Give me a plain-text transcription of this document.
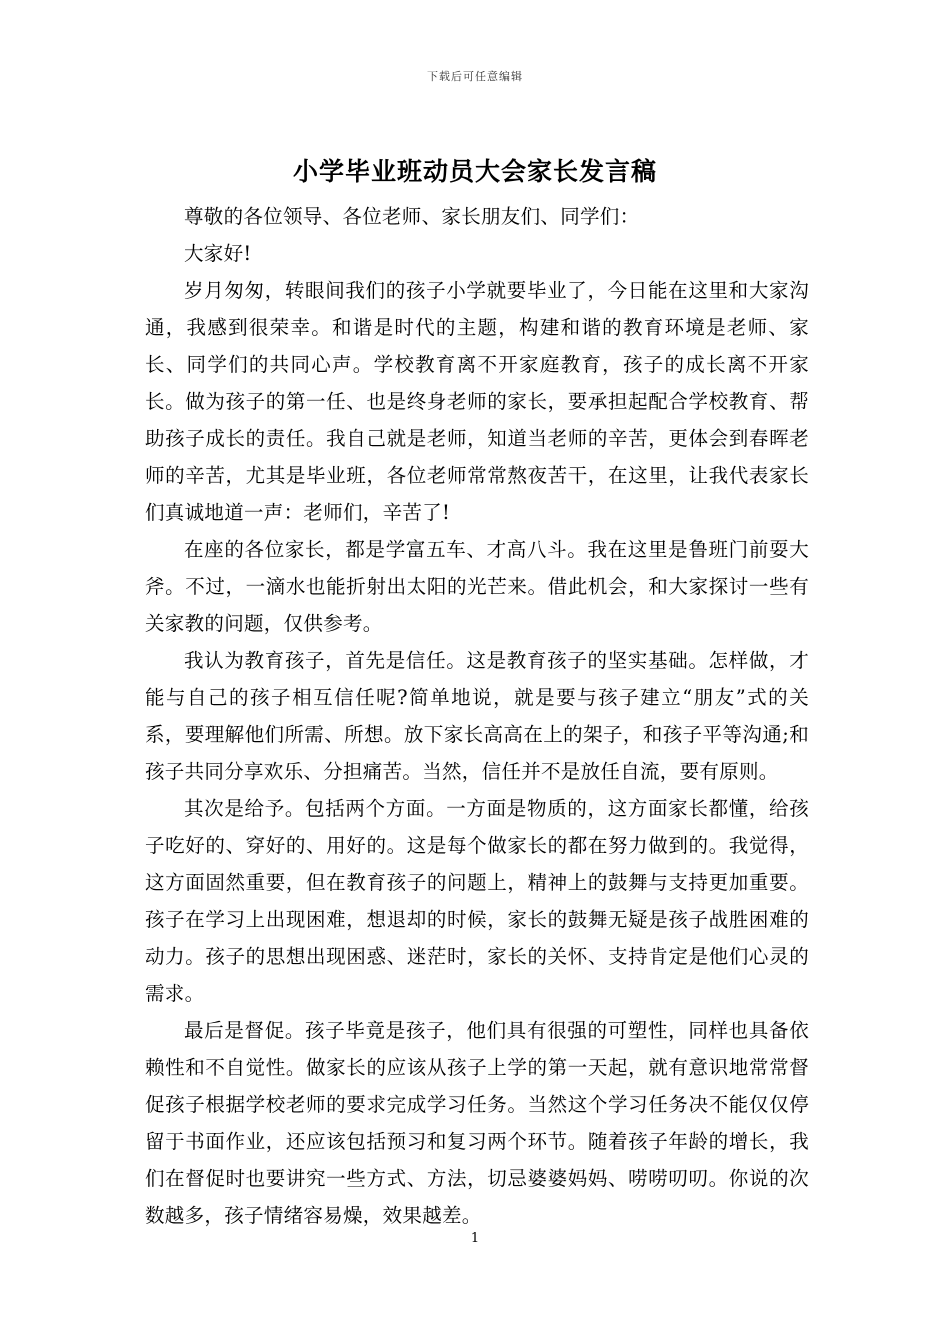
下载后可任意编辑
小学毕业班动员大会家长发言稿

尊敬的各位领导、各位老师、家长朋友们、同学们：

大家好!

岁月匆匆，转眼间我们的孩子小学就要毕业了，今日能在这里和大家沟通，我感到很荣幸。和谐是时代的主题，构建和谐的教育环境是老师、家长、同学们的共同心声。学校教育离不开家庭教育，孩子的成长离不开家长。做为孩子的第一任、也是终身老师的家长，要承担起配合学校教育、帮助孩子成长的责任。我自己就是老师，知道当老师的辛苦，更体会到春晖老师的辛苦，尤其是毕业班，各位老师常常熬夜苦干，在这里，让我代表家长们真诚地道一声：老师们，辛苦了!

在座的各位家长，都是学富五车、才高八斗。我在这里是鲁班门前耍大斧。不过，一滴水也能折射出太阳的光芒来。借此机会，和大家探讨一些有关家教的问题，仅供参考。

我认为教育孩子，首先是信任。这是教育孩子的坚实基础。怎样做，才能与自己的孩子相互信任呢?简单地说，就是要与孩子建立“朋友”式的关系，要理解他们所需、所想。放下家长高高在上的架子，和孩子平等沟通;和孩子共同分享欢乐、分担痛苦。当然，信任并不是放任自流，要有原则。

其次是给予。包括两个方面。一方面是物质的，这方面家长都懂，给孩子吃好的、穿好的、用好的。这是每个做家长的都在努力做到的。我觉得，这方面固然重要，但在教育孩子的问题上，精神上的鼓舞与支持更加重要。孩子在学习上出现困难，想退却的时候，家长的鼓舞无疑是孩子战胜困难的动力。孩子的思想出现困惑、迷茫时，家长的关怀、支持肯定是他们心灵的需求。

最后是督促。孩子毕竟是孩子，他们具有很强的可塑性，同样也具备依赖性和不自觉性。做家长的应该从孩子上学的第一天起，就有意识地常常督促孩子根据学校老师的要求完成学习任务。当然这个学习任务决不能仅仅停留于书面作业，还应该包括预习和复习两个环节。随着孩子年龄的增长，我们在督促时也要讲究一些方式、方法，切忌婆婆妈妈、唠唠叨叨。你说的次数越多，孩子情绪容易燥，效果越差。

1
